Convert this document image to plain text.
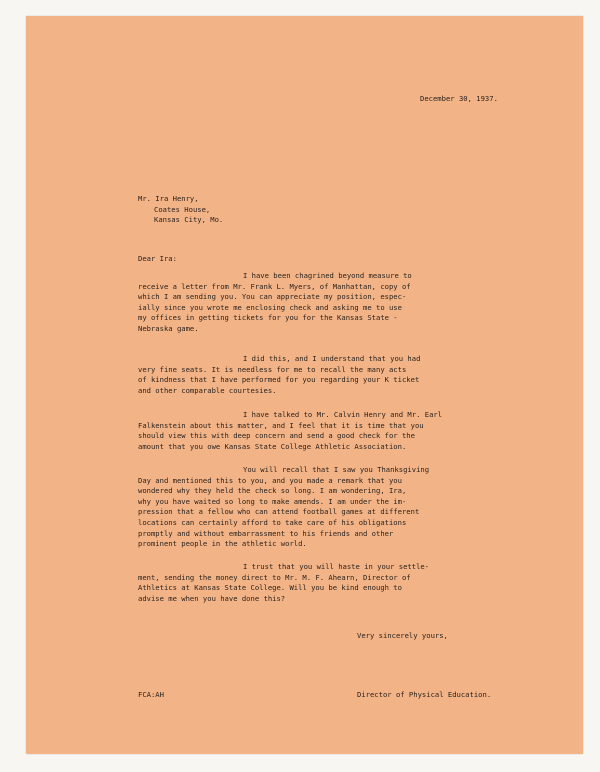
December 30, 1937.
Mr. Ira Henry,
Coates House,
Kansas City, Mo.
Dear Ira:
I have been chagrined beyond measure to
receive a letter from Mr. Frank L. Myers, of Manhattan, copy of
which I am sending you. You can appreciate my position, espec-
ially since you wrote me enclosing check and asking me to use
my offices in getting tickets for you for the Kansas State -
Nebraska game.
I did this, and I understand that you had
very fine seats. It is needless for me to recall the many acts
of kindness that I have performed for you regarding your K ticket
and other comparable courtesies.
I have talked to Mr. Calvin Henry and Mr. Earl
Falkenstein about this matter, and I feel that it is time that you
should view this with deep concern and send a good check for the
amount that you owe Kansas State College Athletic Association.
You will recall that I saw you Thanksgiving
Day and mentioned this to you, and you made a remark that you
wondered why they held the check so long. I am wondering, Ira,
why you have waited so long to make amends. I am under the im-
pression that a fellow who can attend football games at different
locations can certainly afford to take care of his obligations
promptly and without embarrassment to his friends and other
prominent people in the athletic world.
I trust that you will haste in your settle-
ment, sending the money direct to Mr. M. F. Ahearn, Director of
Athletics at Kansas State College. Will you be kind enough to
advise me when you have done this?
Very sincerely yours,
FCA:AH	Director of Physical Education.
